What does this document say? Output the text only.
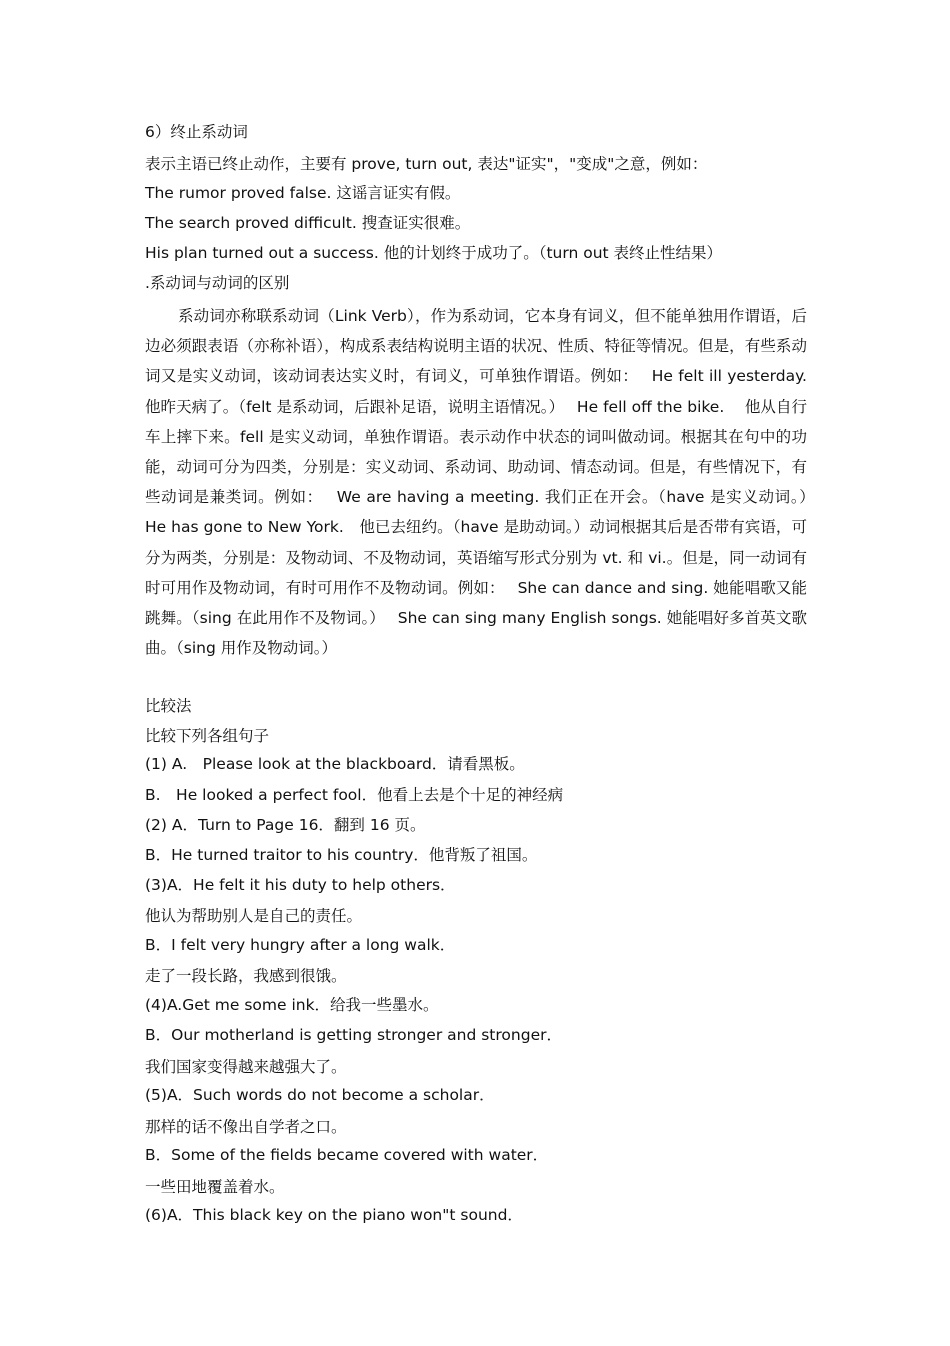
6）终止系动词
表示主语已终止动作，主要有 prove, turn out, 表达"证实"，"变成"之意，例如：
The rumor proved false. 这谣言证实有假。
The search proved difficult. 搜查证实很难。
His plan turned out a success. 他的计划终于成功了。（turn out 表终止性结果）
.系动词与动词的区别
系动词亦称联系动词（Link Verb），作为系动词，它本身有词义，但不能单独用作谓语，后边必须跟表语（亦称补语），构成系表结构说明主语的状况、性质、特征等情况。但是，有些系动词又是实义动词，该动词表达实义时，有词义，可单独作谓语。例如：　 He felt ill yesterday.　 他昨天病了。（felt 是系动词，后跟补足语，说明主语情况。）　 He fell off the bike.　 他从自行车上摔下来。fell 是实义动词，单独作谓语。表示动作中状态的词叫做动词。根据其在句中的功能，动词可分为四类，分别是：实义动词、系动词、助动词、情态动词。但是，有些情况下，有些动词是兼类词。例如：　 We are having a meeting. 我们正在开会。（have 是实义动词。）　 He has gone to New York.　他已去纽约。（have 是助动词。）动词根据其后是否带有宾语，可分为两类，分别是：及物动词、不及物动词，英语缩写形式分别为 vt. 和 vi.。但是，同一动词有时可用作及物动词，有时可用作不及物动词。例如：　 She can dance and sing. 她能唱歌又能跳舞。（sing 在此用作不及物词。）　 She can sing many English songs. 她能唱好多首英文歌曲。（sing 用作及物动词。）
比较法
比较下列各组句子
(1) A.　Please look at the blackboard．请看黑板。
B.　He looked a perfect fool．他看上去是个十足的神经病
(2) A．Turn to Page 16．翻到 16 页。
B．He turned traitor to his country．他背叛了祖国。
(3)A．He felt it his duty to help others．
他认为帮助别人是自己的责任。
B．I felt very hungry after a long walk．
走了一段长路，我感到很饿。
(4)A.Get me some ink．给我一些墨水。
B．Our motherland is getting stronger and stronger．
我们国家变得越来越强大了。
(5)A．Such words do not become a scholar．
那样的话不像出自学者之口。
B．Some of the fields became covered with water．
一些田地覆盖着水。
(6)A．This black key on the piano won"t sound．
